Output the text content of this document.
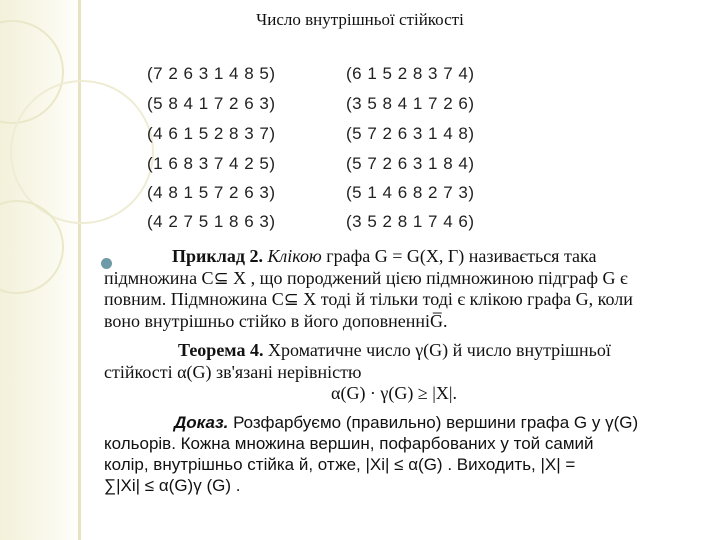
Число внутрішньої стійкості
(7 2 6 3 1 4 8 5)
(5 8 4 1 7 2 6 3)
(4 6 1 5 2 8 3 7)
(1 6 8 3 7 4 2 5)
(4 8 1 5 7 2 6 3)
(4 2 7 5 1 8 6 3)
(6 1 5 2 8 3 7 4)
(3 5 8 4 1 7 2 6)
(5 7 2 6 3 1 4 8)
(5 7 2 6 3 1 8 4)
(5 1 4 6 8 2 7 3)
(3 5 2 8 1 7 4 6)
Приклад 2. Клікою графа G = G(X, Γ) називається така
підмножина C⊆ X , що породжений цією підмножиною підграф G є
повним. Підмножина C⊆ X тоді й тільки тоді є клікою графа G, коли
воно внутрішньо стійко в його доповненніG̅.
Теорема 4. Хроматичне число γ(G) й число внутрішньої
стійкості α(G) зв'язані нерівністю
α(G) · γ(G) ≥ |X|.
Доказ. Розфарбуємо (правильно) вершини графа G у γ(G)
кольорів. Кожна множина вершин, пофарбованих у той самий
колір, внутрішньо стійка й, отже, |Xi| ≤ α(G) . Виходить, |X| =
∑|Xi| ≤ α(G)γ (G) .
